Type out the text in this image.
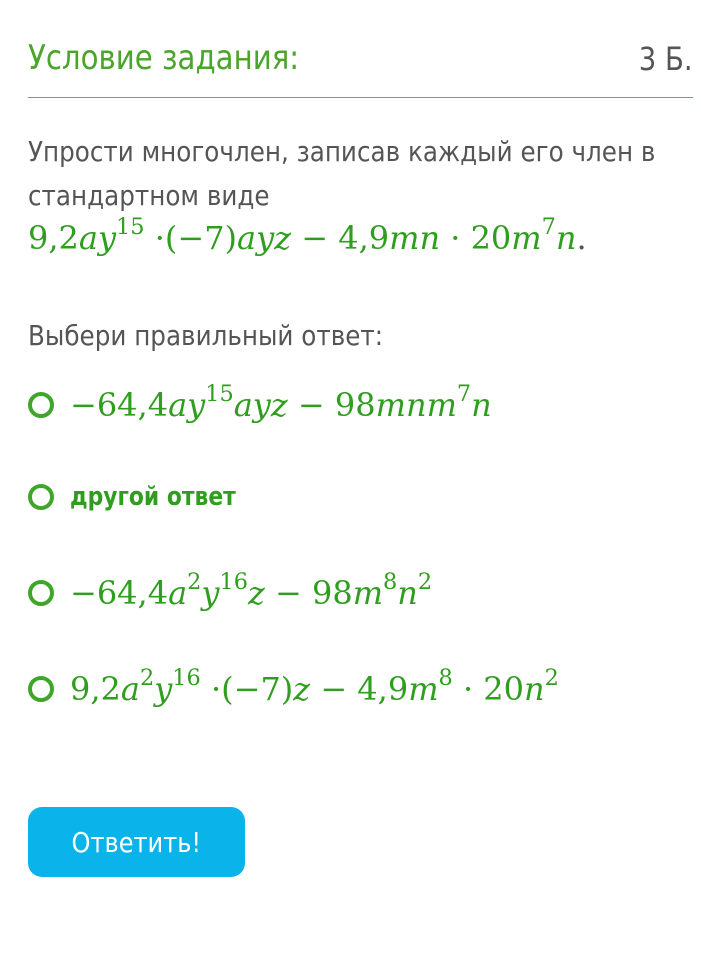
Условие задания:	3 Б.
Упрости многочлен, записав каждый его член в
стандартном виде
$9,2ay^{15} \cdot(-7)ayz - 4,9mn \cdot 20m^7n$.
Выбери правильный ответ:
$-64,4ay^{15}ayz - 98mnm^7n$
другой ответ
$-64,4a^2y^{16}z - 98m^8n^2$
$9,2a^2y^{16} \cdot(-7)z - 4,9m^8 \cdot 20n^2$
Ответить!
